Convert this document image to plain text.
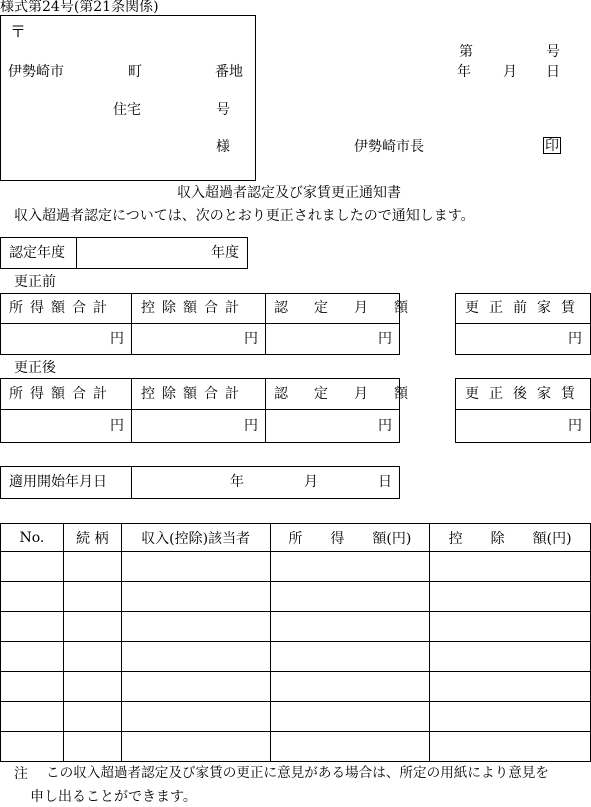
様式第24号(第21条関係)
〒
伊勢崎市	町	番地
住宅	号
様
第	号
年 月 日
伊勢崎市長	印
収入超過者認定及び家賃更正通知書
収入超過者認定については、次のとおり更正されましたので通知します。
認定年度	年度
更正前
所得額合計 控除額合計 認定月額
円	円	円
更正前家賃
円
更正後
所得額合計 控除額合計 認定月額
円	円	円
更正後家賃
円
適用開始年月日	年	月	日
No.	続 柄	収入(控除)該当者	所　　得　　額(円)	控　　除　　額(円)

注 この収入超過者認定及び家賃の更正に意見がある場合は、所定の用紙により意見を
申し出ることができます。
